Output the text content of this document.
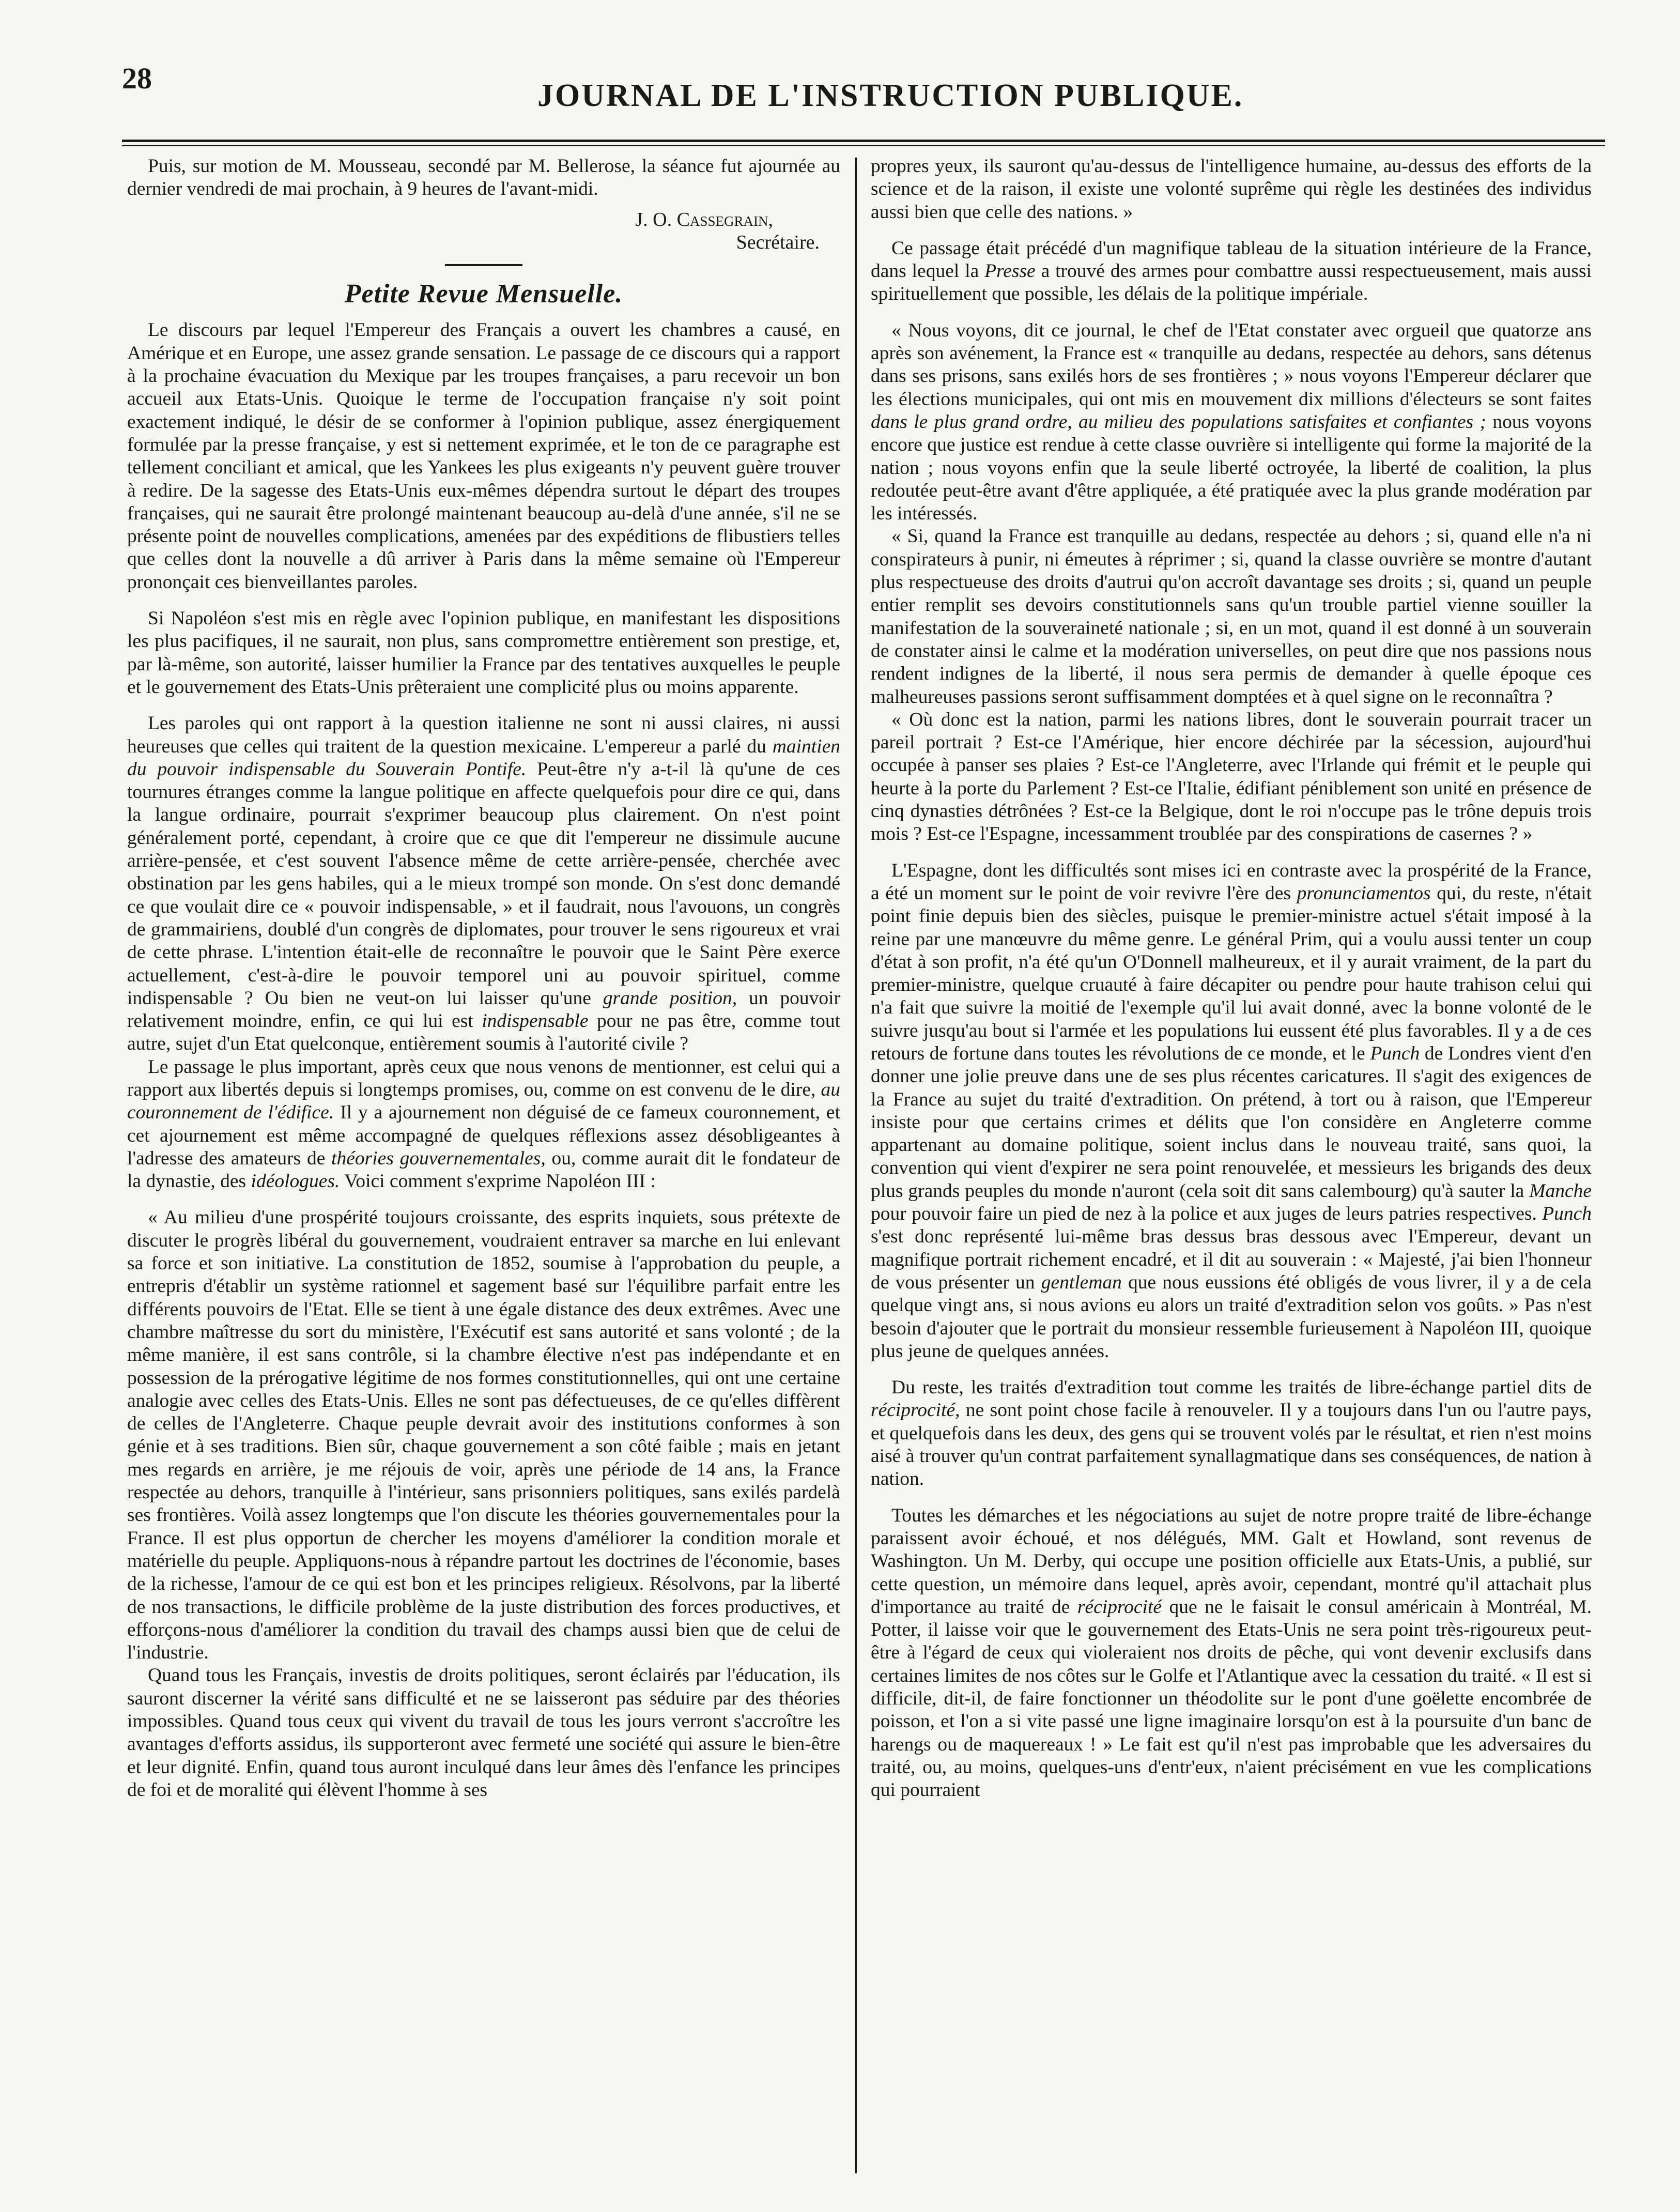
28	JOURNAL DE L'INSTRUCTION PUBLIQUE.

Puis, sur motion de M. Mousseau, secondé par M. Bellerose, la séance fut ajournée au dernier vendredi de mai prochain, à 9 heures de l'avant-midi.

J. O. Cassegrain,
Secrétaire.
Petite Revue Mensuelle.

Le discours par lequel l'Empereur des Français a ouvert les chambres a causé, en Amérique et en Europe, une assez grande sensation. Le passage de ce discours qui a rapport à la prochaine évacuation du Mexique par les troupes françaises, a paru recevoir un bon accueil aux Etats-Unis. Quoique le terme de l'occupation française n'y soit point exactement indiqué, le désir de se conformer à l'opinion publique, assez énergiquement formulée par la presse française, y est si nettement exprimée, et le ton de ce paragraphe est tellement conciliant et amical, que les Yankees les plus exigeants n'y peuvent guère trouver à redire. De la sagesse des Etats-Unis eux-mêmes dépendra surtout le départ des troupes françaises, qui ne saurait être prolongé maintenant beaucoup au-delà d'une année, s'il ne se présente point de nouvelles complications, amenées par des expéditions de flibustiers telles que celles dont la nouvelle a dû arriver à Paris dans la même semaine où l'Empereur prononçait ces bienveillantes paroles.

Si Napoléon s'est mis en règle avec l'opinion publique, en manifestant les dispositions les plus pacifiques, il ne saurait, non plus, sans compromettre entièrement son prestige, et, par là-même, son autorité, laisser humilier la France par des tentatives auxquelles le peuple et le gouvernement des Etats-Unis prêteraient une complicité plus ou moins apparente.

Les paroles qui ont rapport à la question italienne ne sont ni aussi claires, ni aussi heureuses que celles qui traitent de la question mexicaine. L'empereur a parlé du maintien du pouvoir indispensable du Souverain Pontife. Peut-être n'y a-t-il là qu'une de ces tournures étranges comme la langue politique en affecte quelquefois pour dire ce qui, dans la langue ordinaire, pourrait s'exprimer beaucoup plus clairement. On n'est point généralement porté, cependant, à croire que ce que dit l'empereur ne dissimule aucune arrière-pensée, et c'est souvent l'absence même de cette arrière-pensée, cherchée avec obstination par les gens habiles, qui a le mieux trompé son monde. On s'est donc demandé ce que voulait dire ce « pouvoir indispensable, » et il faudrait, nous l'avouons, un congrès de grammairiens, doublé d'un congrès de diplomates, pour trouver le sens rigoureux et vrai de cette phrase. L'intention était-elle de reconnaître le pouvoir que le Saint Père exerce actuellement, c'est-à-dire le pouvoir temporel uni au pouvoir spirituel, comme indispensable ? Ou bien ne veut-on lui laisser qu'une grande position, un pouvoir relativement moindre, enfin, ce qui lui est indispensable pour ne pas être, comme tout autre, sujet d'un Etat quelconque, entièrement soumis à l'autorité civile ?

Le passage le plus important, après ceux que nous venons de mentionner, est celui qui a rapport aux libertés depuis si longtemps promises, ou, comme on est convenu de le dire, au couronnement de l'édifice. Il y a ajournement non déguisé de ce fameux couronnement, et cet ajournement est même accompagné de quelques réflexions assez désobligeantes à l'adresse des amateurs de théories gouvernementales, ou, comme aurait dit le fondateur de la dynastie, des idéologues. Voici comment s'exprime Napoléon III :

« Au milieu d'une prospérité toujours croissante, des esprits inquiets, sous prétexte de discuter le progrès libéral du gouvernement, voudraient entraver sa marche en lui enlevant sa force et son initiative. La constitution de 1852, soumise à l'approbation du peuple, a entrepris d'établir un système rationnel et sagement basé sur l'équilibre parfait entre les différents pouvoirs de l'Etat. Elle se tient à une égale distance des deux extrêmes. Avec une chambre maîtresse du sort du ministère, l'Exécutif est sans autorité et sans volonté ; de la même manière, il est sans contrôle, si la chambre élective n'est pas indépendante et en possession de la prérogative légitime de nos formes constitutionnelles, qui ont une certaine analogie avec celles des Etats-Unis. Elles ne sont pas défectueuses, de ce qu'elles diffèrent de celles de l'Angleterre. Chaque peuple devrait avoir des institutions conformes à son génie et à ses traditions. Bien sûr, chaque gouvernement a son côté faible ; mais en jetant mes regards en arrière, je me réjouis de voir, après une période de 14 ans, la France respectée au dehors, tranquille à l'intérieur, sans prisonniers politiques, sans exilés pardelà ses frontières. Voilà assez longtemps que l'on discute les théories gouvernementales pour la France. Il est plus opportun de chercher les moyens d'améliorer la condition morale et matérielle du peuple. Appliquons-nous à répandre partout les doctrines de l'économie, bases de la richesse, l'amour de ce qui est bon et les principes religieux. Résolvons, par la liberté de nos transactions, le difficile problème de la juste distribution des forces productives, et efforçons-nous d'améliorer la condition du travail des champs aussi bien que de celui de l'industrie.

Quand tous les Français, investis de droits politiques, seront éclairés par l'éducation, ils sauront discerner la vérité sans difficulté et ne se laisseront pas séduire par des théories impossibles. Quand tous ceux qui vivent du travail de tous les jours verront s'accroître les avantages d'efforts assidus, ils supporteront avec fermeté une société qui assure le bien-être et leur dignité. Enfin, quand tous auront inculqué dans leur âmes dès l'enfance les principes de foi et de moralité qui élèvent l'homme à ses

propres yeux, ils sauront qu'au-dessus de l'intelligence humaine, au-dessus des efforts de la science et de la raison, il existe une volonté suprême qui règle les destinées des individus aussi bien que celle des nations. »

Ce passage était précédé d'un magnifique tableau de la situation intérieure de la France, dans lequel la Presse a trouvé des armes pour combattre aussi respectueusement, mais aussi spirituellement que possible, les délais de la politique impériale.

« Nous voyons, dit ce journal, le chef de l'Etat constater avec orgueil que quatorze ans après son avénement, la France est « tranquille au dedans, respectée au dehors, sans détenus dans ses prisons, sans exilés hors de ses frontières ; » nous voyons l'Empereur déclarer que les élections municipales, qui ont mis en mouvement dix millions d'électeurs se sont faites dans le plus grand ordre, au milieu des populations satisfaites et confiantes ; nous voyons encore que justice est rendue à cette classe ouvrière si intelligente qui forme la majorité de la nation ; nous voyons enfin que la seule liberté octroyée, la liberté de coalition, la plus redoutée peut-être avant d'être appliquée, a été pratiquée avec la plus grande modération par les intéressés.

« Si, quand la France est tranquille au dedans, respectée au dehors ; si, quand elle n'a ni conspirateurs à punir, ni émeutes à réprimer ; si, quand la classe ouvrière se montre d'autant plus respectueuse des droits d'autrui qu'on accroît davantage ses droits ; si, quand un peuple entier remplit ses devoirs constitutionnels sans qu'un trouble partiel vienne souiller la manifestation de la souveraineté nationale ; si, en un mot, quand il est donné à un souverain de constater ainsi le calme et la modération universelles, on peut dire que nos passions nous rendent indignes de la liberté, il nous sera permis de demander à quelle époque ces malheureuses passions seront suffisamment domptées et à quel signe on le reconnaîtra ?

« Où donc est la nation, parmi les nations libres, dont le souverain pourrait tracer un pareil portrait ? Est-ce l'Amérique, hier encore déchirée par la sécession, aujourd'hui occupée à panser ses plaies ? Est-ce l'Angleterre, avec l'Irlande qui frémit et le peuple qui heurte à la porte du Parlement ? Est-ce l'Italie, édifiant péniblement son unité en présence de cinq dynasties détrônées ? Est-ce la Belgique, dont le roi n'occupe pas le trône depuis trois mois ? Est-ce l'Espagne, incessamment troublée par des conspirations de casernes ? »

L'Espagne, dont les difficultés sont mises ici en contraste avec la prospérité de la France, a été un moment sur le point de voir revivre l'ère des pronunciamentos qui, du reste, n'était point finie depuis bien des siècles, puisque le premier-ministre actuel s'était imposé à la reine par une manœuvre du même genre. Le général Prim, qui a voulu aussi tenter un coup d'état à son profit, n'a été qu'un O'Donnell malheureux, et il y aurait vraiment, de la part du premier-ministre, quelque cruauté à faire décapiter ou pendre pour haute trahison celui qui n'a fait que suivre la moitié de l'exemple qu'il lui avait donné, avec la bonne volonté de le suivre jusqu'au bout si l'armée et les populations lui eussent été plus favorables. Il y a de ces retours de fortune dans toutes les révolutions de ce monde, et le Punch de Londres vient d'en donner une jolie preuve dans une de ses plus récentes caricatures. Il s'agit des exigences de la France au sujet du traité d'extradition. On prétend, à tort ou à raison, que l'Empereur insiste pour que certains crimes et délits que l'on considère en Angleterre comme appartenant au domaine politique, soient inclus dans le nouveau traité, sans quoi, la convention qui vient d'expirer ne sera point renouvelée, et messieurs les brigands des deux plus grands peuples du monde n'auront (cela soit dit sans calembourg) qu'à sauter la Manche pour pouvoir faire un pied de nez à la police et aux juges de leurs patries respectives. Punch s'est donc représenté lui-même bras dessus bras dessous avec l'Empereur, devant un magnifique portrait richement encadré, et il dit au souverain : « Majesté, j'ai bien l'honneur de vous présenter un gentleman que nous eussions été obligés de vous livrer, il y a de cela quelque vingt ans, si nous avions eu alors un traité d'extradition selon vos goûts. » Pas n'est besoin d'ajouter que le portrait du monsieur ressemble furieusement à Napoléon III, quoique plus jeune de quelques années.

Du reste, les traités d'extradition tout comme les traités de libre-échange partiel dits de réciprocité, ne sont point chose facile à renouveler. Il y a toujours dans l'un ou l'autre pays, et quelquefois dans les deux, des gens qui se trouvent volés par le résultat, et rien n'est moins aisé à trouver qu'un contrat parfaitement synallagmatique dans ses conséquences, de nation à nation.

Toutes les démarches et les négociations au sujet de notre propre traité de libre-échange paraissent avoir échoué, et nos délégués, MM. Galt et Howland, sont revenus de Washington. Un M. Derby, qui occupe une position officielle aux Etats-Unis, a publié, sur cette question, un mémoire dans lequel, après avoir, cependant, montré qu'il attachait plus d'importance au traité de réciprocité que ne le faisait le consul américain à Montréal, M. Potter, il laisse voir que le gouvernement des Etats-Unis ne sera point très-rigoureux peut-être à l'égard de ceux qui violeraient nos droits de pêche, qui vont devenir exclusifs dans certaines limites de nos côtes sur le Golfe et l'Atlantique avec la cessation du traité. « Il est si difficile, dit-il, de faire fonctionner un théodolite sur le pont d'une goëlette encombrée de poisson, et l'on a si vite passé une ligne imaginaire lorsqu'on est à la poursuite d'un banc de harengs ou de maquereaux ! » Le fait est qu'il n'est pas improbable que les adversaires du traité, ou, au moins, quelques-uns d'entr'eux, n'aient précisément en vue les complications qui pourraient
